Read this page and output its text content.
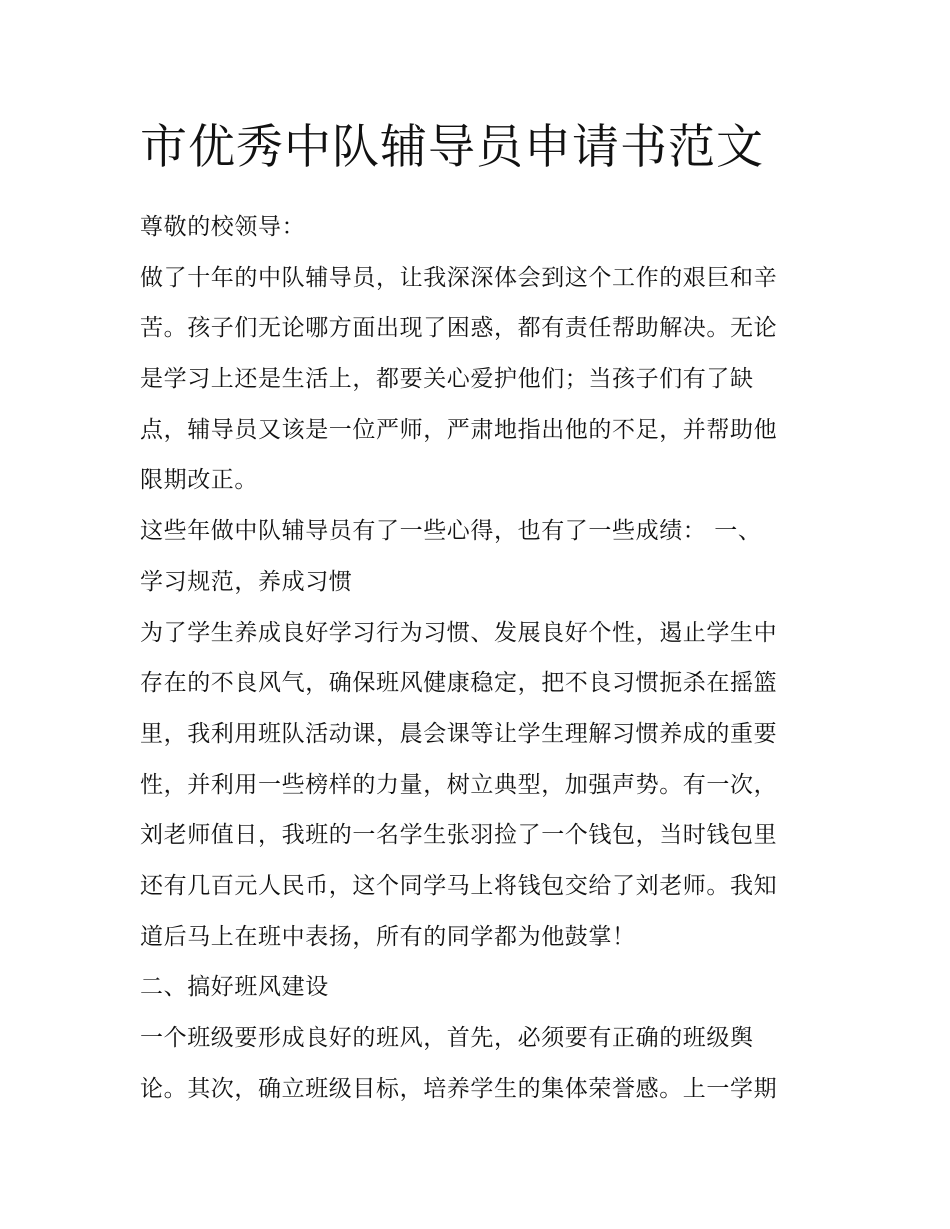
市优秀中队辅导员申请书范文
尊敬的校领导：
做了十年的中队辅导员，让我深深体会到这个工作的艰巨和辛
苦。孩子们无论哪方面出现了困惑，都有责任帮助解决。无论
是学习上还是生活上，都要关心爱护他们；当孩子们有了缺
点，辅导员又该是一位严师，严肃地指出他的不足，并帮助他
限期改正。
这些年做中队辅导员有了一些心得，也有了一些成绩： 一、
学习规范，养成习惯
为了学生养成良好学习行为习惯、发展良好个性，遏止学生中
存在的不良风气，确保班风健康稳定，把不良习惯扼杀在摇篮
里，我利用班队活动课，晨会课等让学生理解习惯养成的重要
性，并利用一些榜样的力量，树立典型，加强声势。有一次，
刘老师值日，我班的一名学生张羽捡了一个钱包，当时钱包里
还有几百元人民币，这个同学马上将钱包交给了刘老师。我知
道后马上在班中表扬，所有的同学都为他鼓掌！
二、搞好班风建设
一个班级要形成良好的班风，首先，必须要有正确的班级舆
论。其次，确立班级目标，培养学生的集体荣誉感。上一学期
